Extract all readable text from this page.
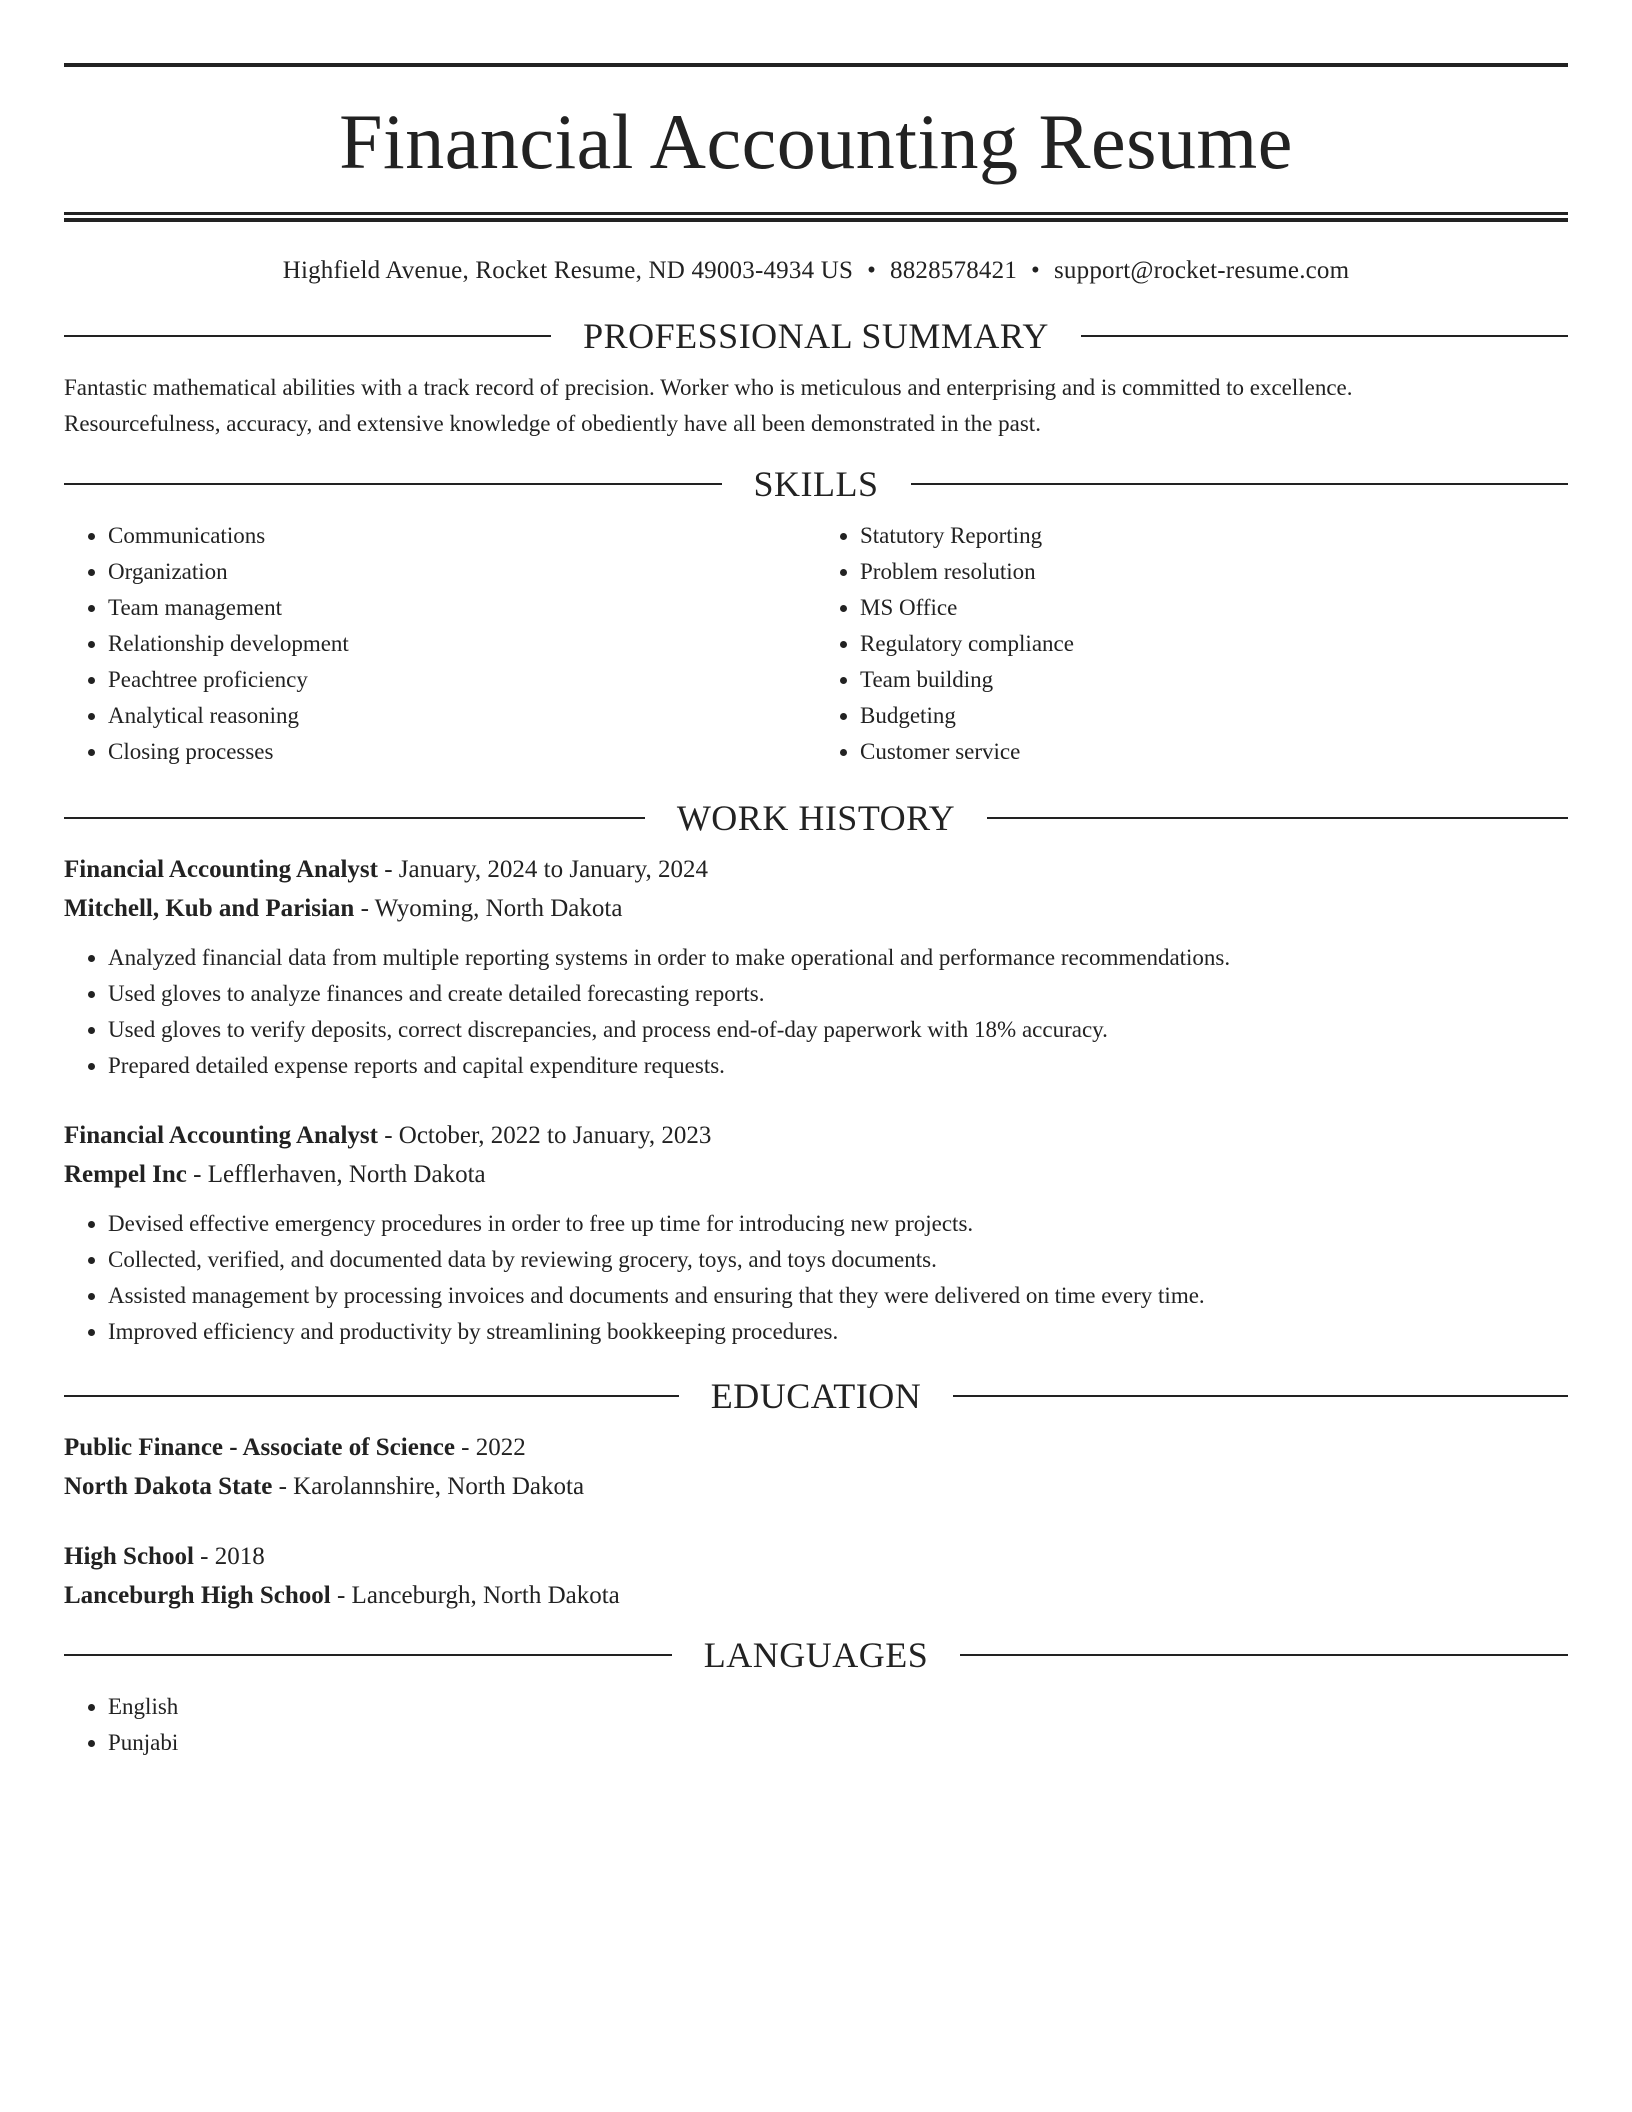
Financial Accounting Resume
Highfield Avenue, Rocket Resume, ND 49003-4934 US • 8828578421 • support@rocket-resume.com
PROFESSIONAL SUMMARY

Fantastic mathematical abilities with a track record of precision. Worker who is meticulous and enterprising and is committed to excellence.

Resourcefulness, accuracy, and extensive knowledge of obediently have all been demonstrated in the past.

SKILLS
• Communications
• Organization
• Team management
• Relationship development
• Peachtree proficiency
• Analytical reasoning
• Closing processes
• Statutory Reporting
• Problem resolution
• MS Office
• Regulatory compliance
• Team building
• Budgeting
• Customer service
WORK HISTORY

Financial Accounting Analyst - January, 2024 to January, 2024

Mitchell, Kub and Parisian - Wyoming, North Dakota

• Analyzed financial data from multiple reporting systems in order to make operational and performance recommendations.
• Used gloves to analyze finances and create detailed forecasting reports.
• Used gloves to verify deposits, correct discrepancies, and process end-of-day paperwork with 18% accuracy.
• Prepared detailed expense reports and capital expenditure requests.

Financial Accounting Analyst - October, 2022 to January, 2023

Rempel Inc - Lefflerhaven, North Dakota

• Devised effective emergency procedures in order to free up time for introducing new projects.
• Collected, verified, and documented data by reviewing grocery, toys, and toys documents.
• Assisted management by processing invoices and documents and ensuring that they were delivered on time every time.
• Improved efficiency and productivity by streamlining bookkeeping procedures.
EDUCATION

Public Finance - Associate of Science - 2022

North Dakota State - Karolannshire, North Dakota

High School - 2018

Lanceburgh High School - Lanceburgh, North Dakota

LANGUAGES
• English
• Punjabi
